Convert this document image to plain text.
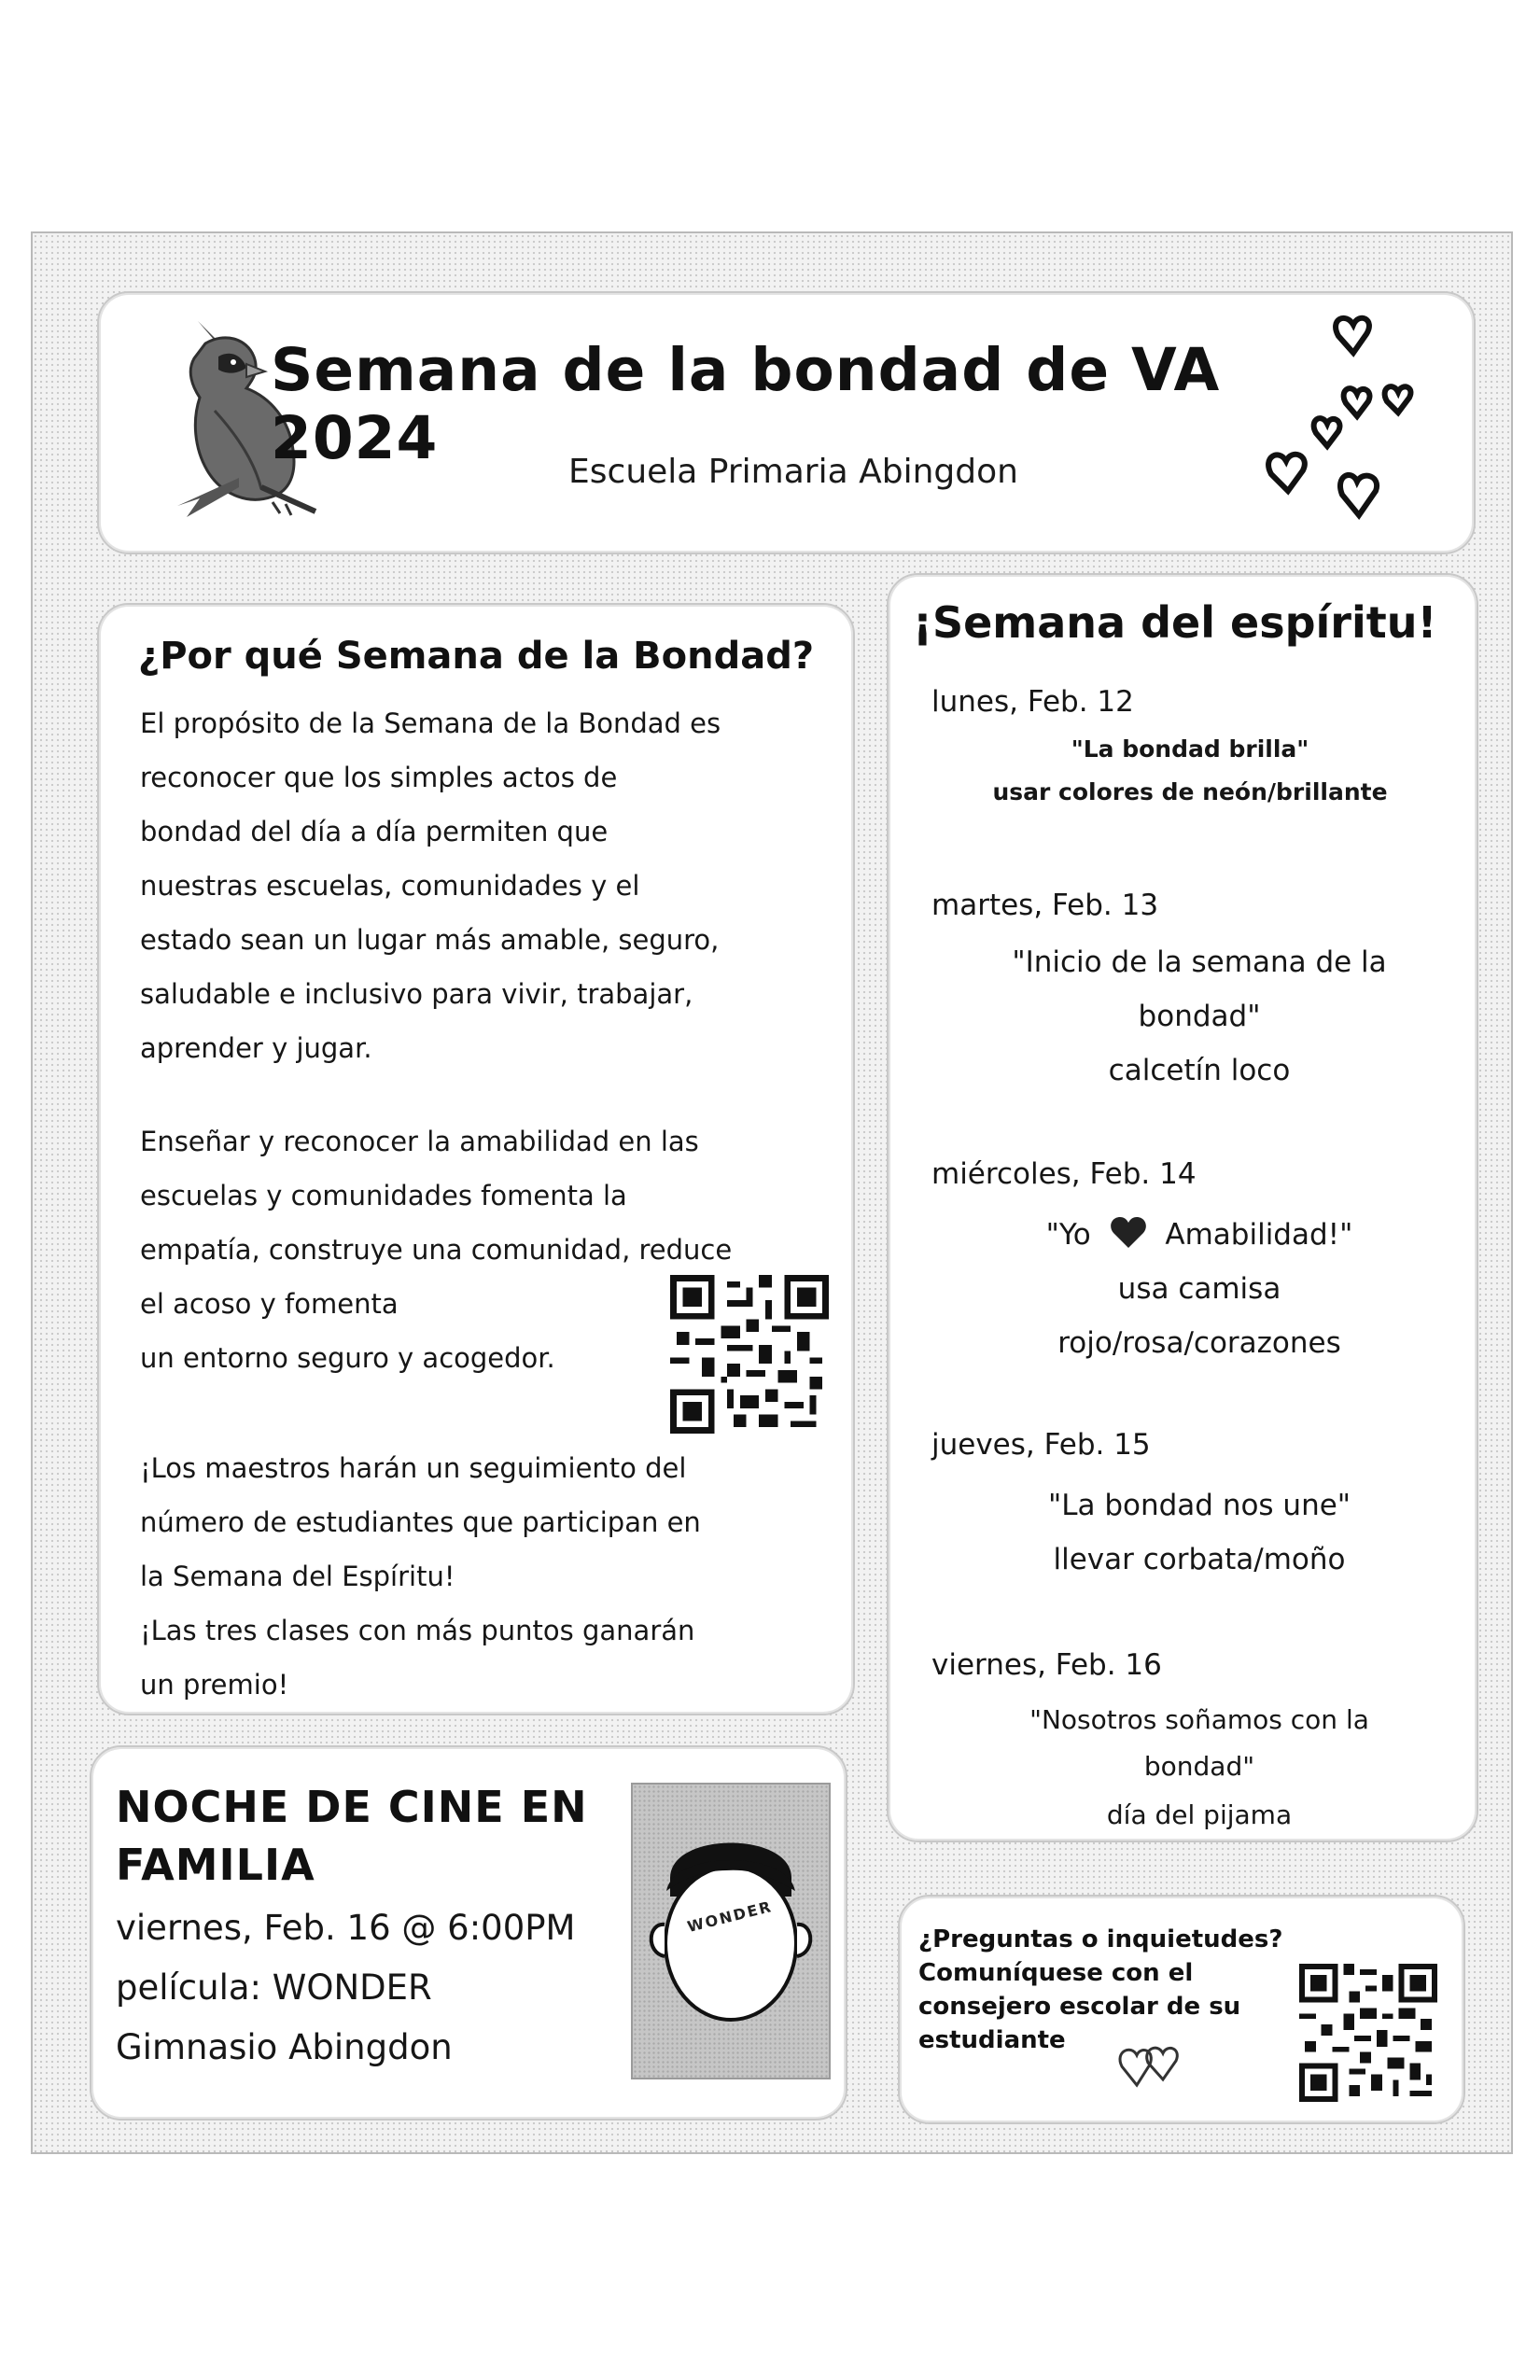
Semana de la bondad de VA 2024	Escuela Primaria Abingdon
¿Por qué Semana de la Bondad?
El propósito de la Semana de la Bondad es
reconocer que los simples actos de
bondad del día a día permiten que
nuestras escuelas, comunidades y el
estado sean un lugar más amable, seguro,
saludable e inclusivo para vivir, trabajar,
aprender y jugar.
Enseñar y reconocer la amabilidad en las
escuelas y comunidades fomenta la
empatía, construye una comunidad, reduce
el acoso y fomenta
un entorno seguro y acogedor.
¡Los maestros harán un seguimiento del
número de estudiantes que participan en
la Semana del Espíritu!
¡Las tres clases con más puntos ganarán
un premio!
¡Semana del espíritu!
lunes, Feb. 12
"La bondad brilla"
usar colores de neón/brillante
martes, Feb. 13
"Inicio de la semana de la
bondad"
calcetín loco
miércoles, Feb. 14
"Yo	Amabilidad!"
usa camisa
rojo/rosa/corazones
jueves, Feb. 15
"La bondad nos une"
llevar corbata/moño
viernes, Feb. 16
"Nosotros soñamos con la
bondad"
día del pijama
NOCHE DE CINE EN FAMILIA
viernes, Feb. 16 @ 6:00PM
película: WONDER
Gimnasio Abingdon
WONDER
¿Preguntas o inquietudes?
Comuníquese con el
consejero escolar de su
estudiante
